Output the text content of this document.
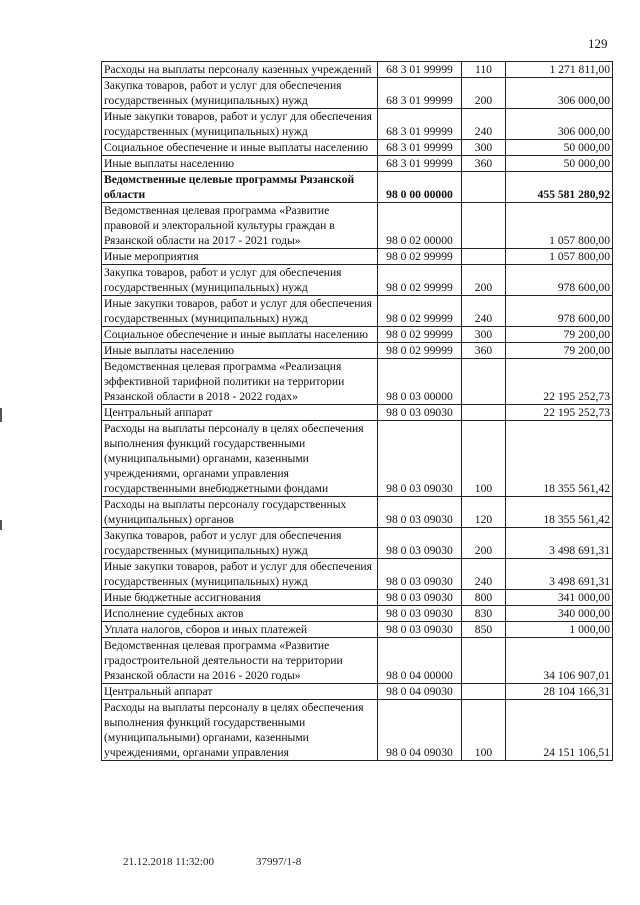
129
Расходы на выплаты персоналу казенных учреждений	68 3 01 99999	110	1 271 811,00
Закупка товаров, работ и услуг для обеспечения государственных (муниципальных) нужд	68 3 01 99999	200	306 000,00
Иные закупки товаров, работ и услуг для обеспечения государственных (муниципальных) нужд	68 3 01 99999	240	306 000,00
Социальное обеспечение и иные выплаты населению	68 3 01 99999	300	50 000,00
Иные выплаты населению	68 3 01 99999	360	50 000,00
Ведомственные целевые программы Рязанской области	98 0 00 00000		455 581 280,92
Ведомственная целевая программа «Развитие правовой и электоральной культуры граждан в Рязанской области на 2017 - 2021 годы»	98 0 02 00000		1 057 800,00
Иные мероприятия	98 0 02 99999		1 057 800,00
Закупка товаров, работ и услуг для обеспечения государственных (муниципальных) нужд	98 0 02 99999	200	978 600,00
Иные закупки товаров, работ и услуг для обеспечения государственных (муниципальных) нужд	98 0 02 99999	240	978 600,00
Социальное обеспечение и иные выплаты населению	98 0 02 99999	300	79 200,00
Иные выплаты населению	98 0 02 99999	360	79 200,00
Ведомственная целевая программа «Реализация эффективной тарифной политики на территории Рязанской области в 2018 - 2022 годах»	98 0 03 00000		22 195 252,73
Центральный аппарат	98 0 03 09030		22 195 252,73
Расходы на выплаты персоналу в целях обеспечения выполнения функций государственными (муниципальными) органами, казенными учреждениями, органами управления государственными внебюджетными фондами	98 0 03 09030	100	18 355 561,42
Расходы на выплаты персоналу государственных (муниципальных) органов	98 0 03 09030	120	18 355 561,42
Закупка товаров, работ и услуг для обеспечения государственных (муниципальных) нужд	98 0 03 09030	200	3 498 691,31
Иные закупки товаров, работ и услуг для обеспечения государственных (муниципальных) нужд	98 0 03 09030	240	3 498 691,31
Иные бюджетные ассигнования	98 0 03 09030	800	341 000,00
Исполнение судебных актов	98 0 03 09030	830	340 000,00
Уплата налогов, сборов и иных платежей	98 0 03 09030	850	1 000,00
Ведомственная целевая программа «Развитие градостроительной деятельности на территории Рязанской области на 2016 - 2020 годы»	98 0 04 00000		34 106 907,01
Центральный аппарат	98 0 04 09030		28 104 166,31
Расходы на выплаты персоналу в целях обеспечения выполнения функций государственными (муниципальными) органами, казенными учреждениями, органами управления	98 0 04 09030	100	24 151 106,51
21.12.2018 11:32:00	37997/1-8
